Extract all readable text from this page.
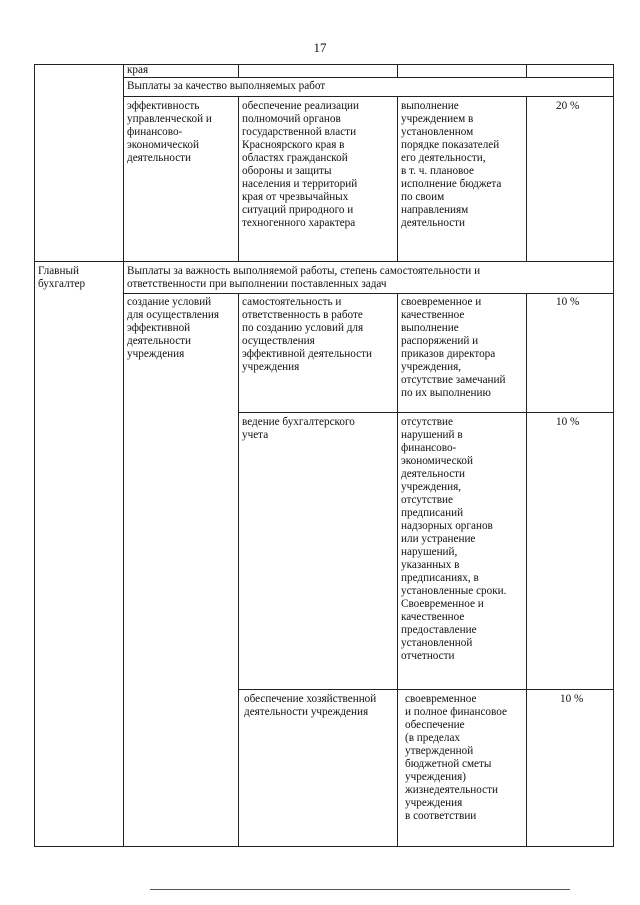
17
края
Выплаты за качество выполняемых работ
эффективность
управленческой и
финансово-
экономической
деятельности
обеспечение реализации
полномочий органов
государственной власти
Красноярского края в
областях гражданской
обороны и защиты
населения и территорий
края от чрезвычайных
ситуаций природного и
техногенного характера
выполнение
учреждением в
установленном
порядке показателей
его деятельности,
в т. ч. плановое
исполнение бюджета
по своим
направлениям
деятельности
20 %
Главный
бухгалтер
Выплаты за важность выполняемой работы, степень самостоятельности и
ответственности при выполнении поставленных задач
создание условий
для осуществления
эффективной
деятельности
учреждения
самостоятельность и
ответственность в работе
по созданию условий для
осуществления
эффективной деятельности
учреждения
своевременное и
качественное
выполнение
распоряжений и
приказов директора
учреждения,
отсутствие замечаний
по их выполнению
10 %
ведение бухгалтерского
учета
отсутствие
нарушений в
финансово-
экономической
деятельности
учреждения,
отсутствие
предписаний
надзорных органов
или устранение
нарушений,
указанных в
предписаниях, в
установленные сроки.
Своевременное и
качественное
предоставление
установленной
отчетности
10 %
обеспечение хозяйственной
деятельности учреждения
своевременное
и полное финансовое
обеспечение
(в пределах
утвержденной
бюджетной сметы
учреждения)
жизнедеятельности
учреждения
в соответствии
10 %
